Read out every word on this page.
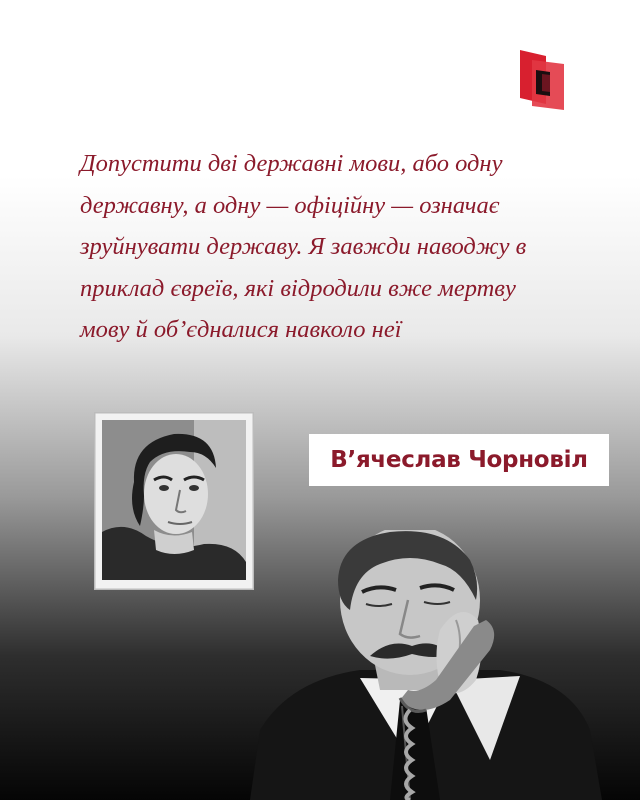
Допустити дві державні мови, або одну державну, а одну — офіційну — означає зруйнувати державу. Я завжди наводжу в приклад євреїв, які відродили вже мертву мову й об’єдналися навколо неї

В’ячеслав Чорновіл
